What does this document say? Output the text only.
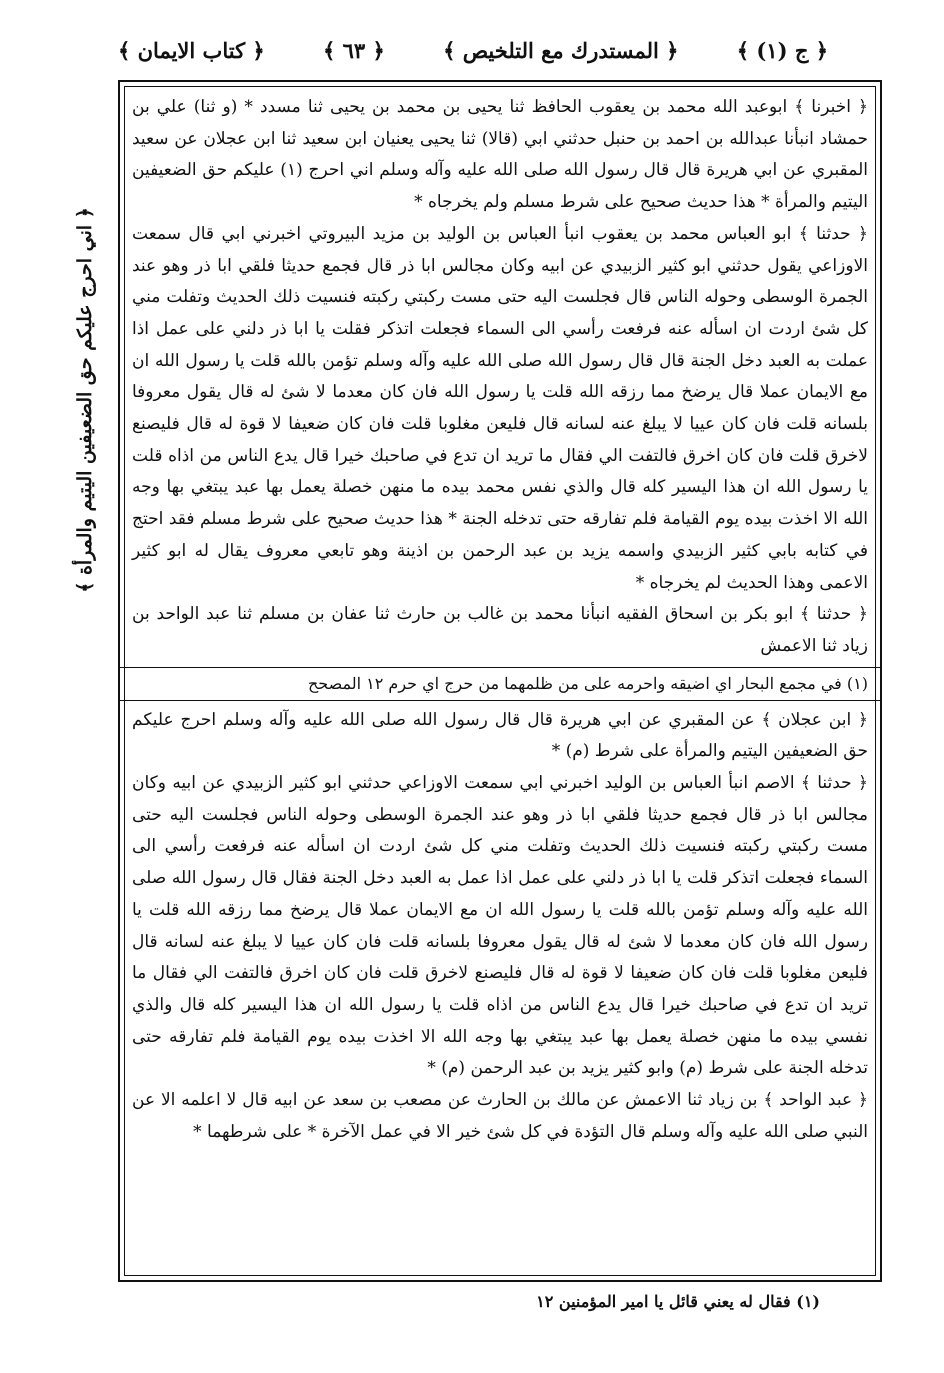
﴿ ج (١) ﴾
﴿ المستدرك مع التلخيص ﴾
﴿ ٦٣ ﴾
﴿ كتاب الايمان ﴾
﴿ اني احرج عليكم حق الضعيفين اليتيم والمرأة ﴾

﴿ اخبرنا ﴾ ابوعبد الله محمد بن يعقوب الحافظ ثنا يحيى بن محمد بن يحيى ثنا مسدد * (و ثنا) علي بن حمشاد انبأنا عبدالله بن احمد بن حنبل حدثني ابي (قالا) ثنا يحيى يعنيان ابن سعيد ثنا ابن عجلان عن سعيد المقبري عن ابي هريرة قال قال رسول الله صلى الله عليه وآله وسلم اني احرج (١) عليكم حق الضعيفين اليتيم والمرأة * هذا حديث صحيح على شرط مسلم ولم يخرجاه *

﴿ حدثنا ﴾ ابو العباس محمد بن يعقوب انبأ العباس بن الوليد بن مزيد البيروتي اخبرني ابي قال سمعت الاوزاعي يقول حدثني ابو كثير الزبيدي عن ابيه وكان مجالس ابا ذر قال فجمع حديثا فلقي ابا ذر وهو عند الجمرة الوسطى وحوله الناس قال فجلست اليه حتى مست ركبتي ركبته فنسيت ذلك الحديث وتفلت مني كل شئ اردت ان اسأله عنه فرفعت رأسي الى السماء فجعلت اتذكر فقلت يا ابا ذر دلني على عمل اذا عملت به العبد دخل الجنة قال قال رسول الله صلى الله عليه وآله وسلم تؤمن بالله قلت يا رسول الله ان مع الايمان عملا قال يرضخ مما رزقه الله قلت يا رسول الله فان كان معدما لا شئ له قال يقول معروفا بلسانه قلت فان كان عييا لا يبلغ عنه لسانه قال فليعن مغلوبا قلت فان كان ضعيفا لا قوة له قال فليصنع لاخرق قلت فان كان اخرق فالتفت الي فقال ما تريد ان تدع في صاحبك خيرا قال يدع الناس من اذاه قلت يا رسول الله ان هذا اليسير كله قال والذي نفس محمد بيده ما منهن خصلة يعمل بها عبد يبتغي بها وجه الله الا اخذت بيده يوم القيامة فلم تفارقه حتى تدخله الجنة * هذا حديث صحيح على شرط مسلم فقد احتج في كتابه بابي كثير الزبيدي واسمه يزيد بن عبد الرحمن بن اذينة وهو تابعي معروف يقال له ابو كثير الاعمى وهذا الحديث لم يخرجاه *

﴿ حدثنا ﴾ ابو بكر بن اسحاق الفقيه انبأنا محمد بن غالب بن حارث ثنا عفان بن مسلم ثنا عبد الواحد بن زياد ثنا الاعمش

(١) في مجمع البحار اي اضيقه واحرمه على من ظلمهما من حرج اي حرم ١٢ المصحح

﴿ ابن عجلان ﴾ عن المقبري عن ابي هريرة قال قال رسول الله صلى الله عليه وآله وسلم احرج عليكم حق الضعيفين اليتيم والمرأة على شرط (م) *

﴿ حدثنا ﴾ الاصم انبأ العباس بن الوليد اخبرني ابي سمعت الاوزاعي حدثني ابو كثير الزبيدي عن ابيه وكان مجالس ابا ذر قال فجمع حديثا فلقي ابا ذر وهو عند الجمرة الوسطى وحوله الناس فجلست اليه حتى مست ركبتي ركبته فنسيت ذلك الحديث وتفلت مني كل شئ اردت ان اسأله عنه فرفعت رأسي الى السماء فجعلت اتذكر قلت يا ابا ذر دلني على عمل اذا عمل به العبد دخل الجنة فقال قال رسول الله صلى الله عليه وآله وسلم تؤمن بالله قلت يا رسول الله ان مع الايمان عملا قال يرضخ مما رزقه الله قلت يا رسول الله فان كان معدما لا شئ له قال يقول معروفا بلسانه قلت فان كان عييا لا يبلغ عنه لسانه قال فليعن مغلوبا قلت فان كان ضعيفا لا قوة له قال فليصنع لاخرق قلت فان كان اخرق فالتفت الي فقال ما تريد ان تدع في صاحبك خيرا قال يدع الناس من اذاه قلت يا رسول الله ان هذا اليسير كله قال والذي نفسي بيده ما منهن خصلة يعمل بها عبد يبتغي بها وجه الله الا اخذت بيده يوم القيامة فلم تفارقه حتى تدخله الجنة على شرط (م) وابو كثير يزيد بن عبد الرحمن (م) *

﴿ عبد الواحد ﴾ بن زياد ثنا الاعمش عن مالك بن الحارث عن مصعب بن سعد عن ابيه قال لا اعلمه الا عن النبي صلى الله عليه وآله وسلم قال التؤدة في كل شئ خير الا في عمل الآخرة * على شرطهما *

(١) فقال له يعني قائل يا امير المؤمنين ١٢
